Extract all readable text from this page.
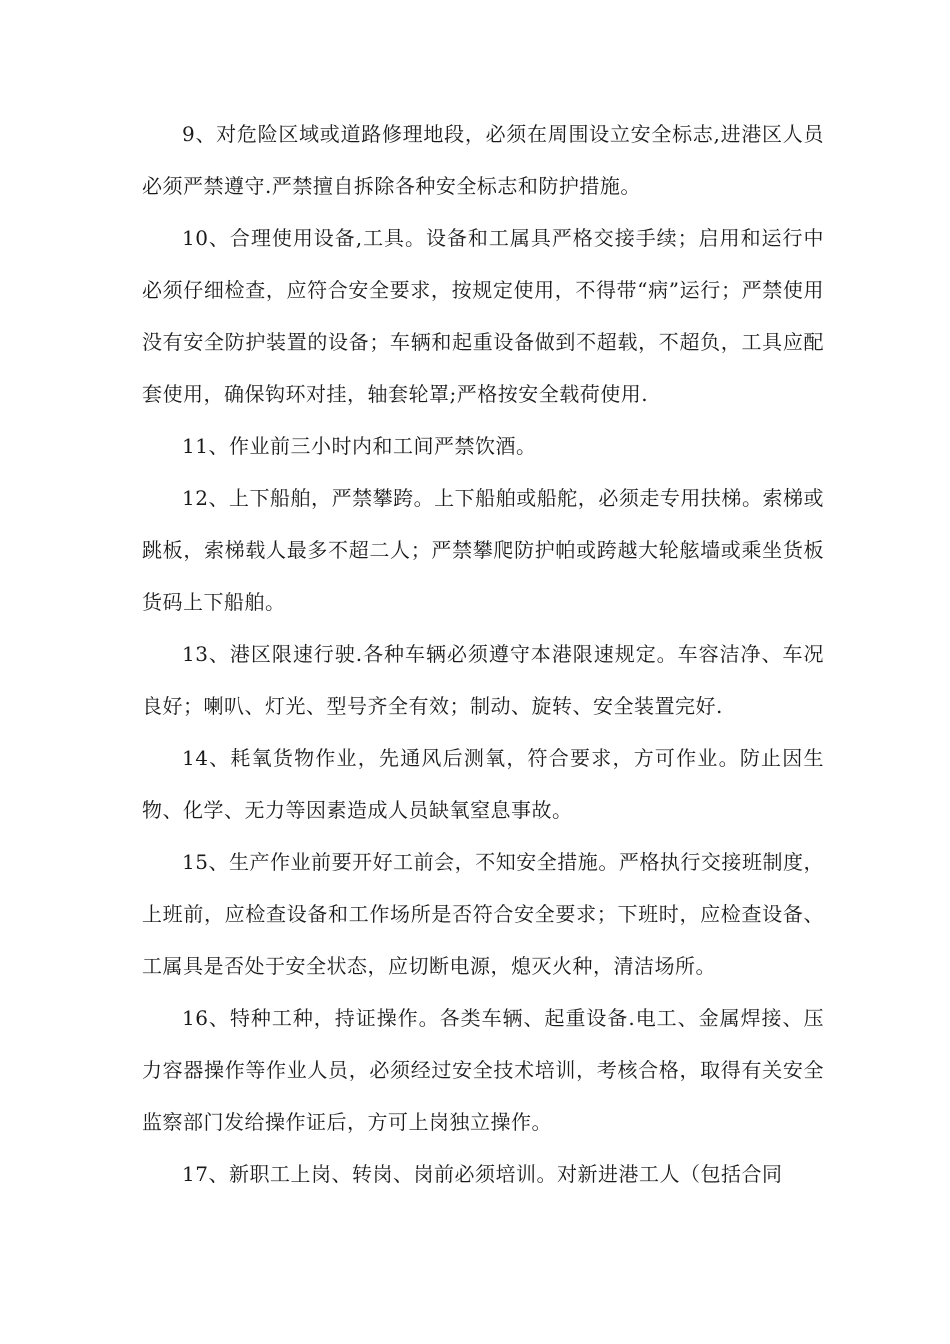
9、对危险区域或道路修理地段，必须在周围设立安全标志,进港区人员必须严禁遵守.严禁擅自拆除各种安全标志和防护措施。

10、合理使用设备,工具。设备和工属具严格交接手续；启用和运行中必须仔细检查，应符合安全要求，按规定使用，不得带“病”运行；严禁使用没有安全防护装置的设备；车辆和起重设备做到不超载，不超负，工具应配套使用，确保钩环对挂，轴套轮罩;严格按安全载荷使用.

11、作业前三小时内和工间严禁饮酒。

12、上下船舶，严禁攀跨。上下船舶或船舵，必须走专用扶梯。索梯或跳板，索梯载人最多不超二人；严禁攀爬防护帕或跨越大轮舷墙或乘坐货板货码上下船舶。

13、港区限速行驶.各种车辆必须遵守本港限速规定。车容洁净、车况良好；喇叭、灯光、型号齐全有效；制动、旋转、安全装置完好.

14、耗氧货物作业，先通风后测氧，符合要求，方可作业。防止因生物、化学、无力等因素造成人员缺氧窒息事故。

15、生产作业前要开好工前会，不知安全措施。严格执行交接班制度，上班前，应检查设备和工作场所是否符合安全要求；下班时，应检查设备、工属具是否处于安全状态，应切断电源，熄灭火种，清洁场所。

16、特种工种，持证操作。各类车辆、起重设备.电工、金属焊接、压力容器操作等作业人员，必须经过安全技术培训，考核合格，取得有关安全监察部门发给操作证后，方可上岗独立操作。

17、新职工上岗、转岗、岗前必须培训。对新进港工人（包括合同
